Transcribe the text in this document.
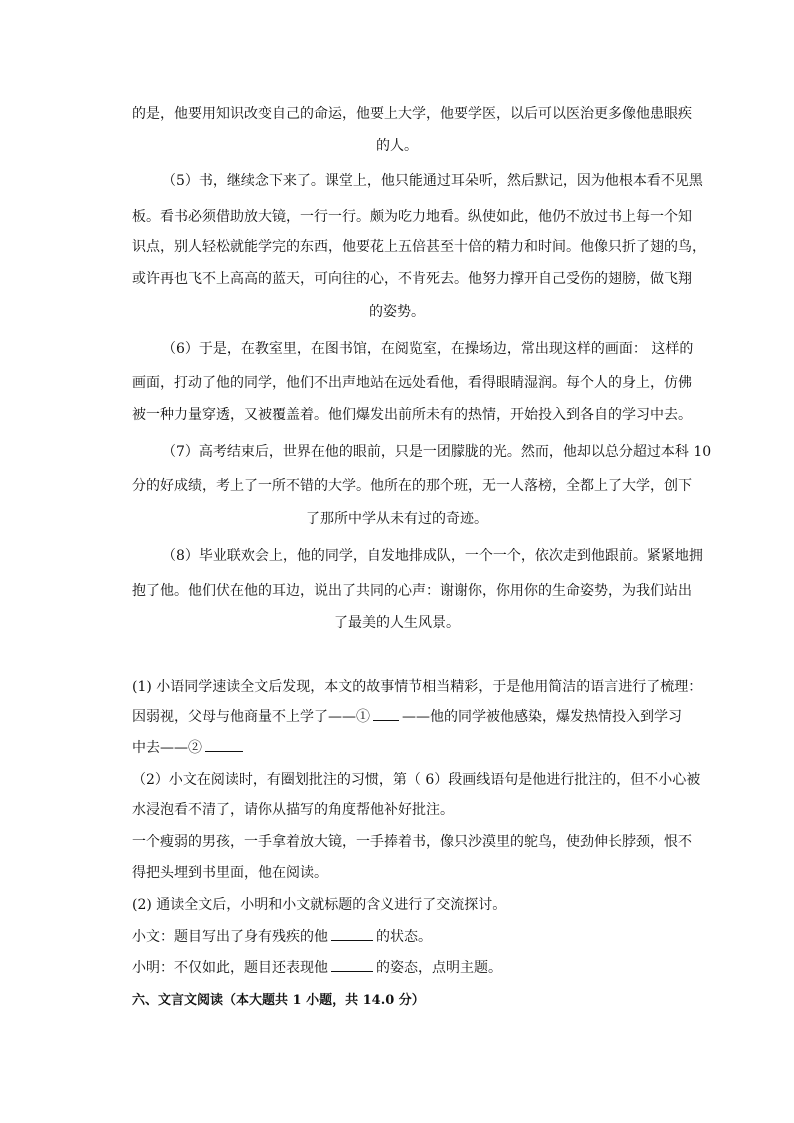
的是，他要用知识改变自己的命运，他要上大学，他要学医，以后可以医治更多像他患眼疾
的人。
（5）书，继续念下来了。课堂上，他只能通过耳朵听，然后默记，因为他根本看不见黑
板。看书必须借助放大镜，一行一行。颇为吃力地看。纵使如此，他仍不放过书上每一个知
识点，别人轻松就能学完的东西，他要花上五倍甚至十倍的精力和时间。他像只折了翅的鸟，
或许再也飞不上高高的蓝天，可向往的心，不肯死去。他努力撑开自己受伤的翅膀，做飞翔
的姿势。
（6）于是，在教室里，在图书馆，在阅览室，在操场边，常出现这样的画面： 这样的
画面，打动了他的同学，他们不出声地站在远处看他，看得眼睛湿润。每个人的身上，仿佛
被一种力量穿透，又被覆盖着。他们爆发出前所未有的热情，开始投入到各自的学习中去。
（7）高考结束后，世界在他的眼前，只是一团朦胧的光。然而，他却以总分超过本科 10
分的好成绩，考上了一所不错的大学。他所在的那个班，无一人落榜，全都上了大学，创下
了那所中学从未有过的奇迹。
（8）毕业联欢会上，他的同学，自发地排成队，一个一个，依次走到他跟前。紧紧地拥
抱了他。他们伏在他的耳边，说出了共同的心声：谢谢你，你用你的生命姿势，为我们站出
了最美的人生风景。
(1) 小语同学速读全文后发现，本文的故事情节相当精彩，于是他用简洁的语言进行了梳理：
因弱视，父母与他商量不上学了——① ——他的同学被他感染，爆发热情投入到学习
中去——②
（2）小文在阅读时，有圈划批注的习惯，第（ 6）段画线语句是他进行批注的，但不小心被
水浸泡看不清了，请你从描写的角度帮他补好批注。
一个瘦弱的男孩，一手拿着放大镜，一手捧着书，像只沙漠里的鸵鸟，使劲伸长脖颈，恨不
得把头埋到书里面，他在阅读。
(2) 通读全文后，小明和小文就标题的含义进行了交流探讨。
小文：题目写出了身有残疾的他	的状态。
小明：不仅如此，题目还表现他	的姿态，点明主题。
六、文言文阅读（本大题共 1 小题，共 14.0 分）
